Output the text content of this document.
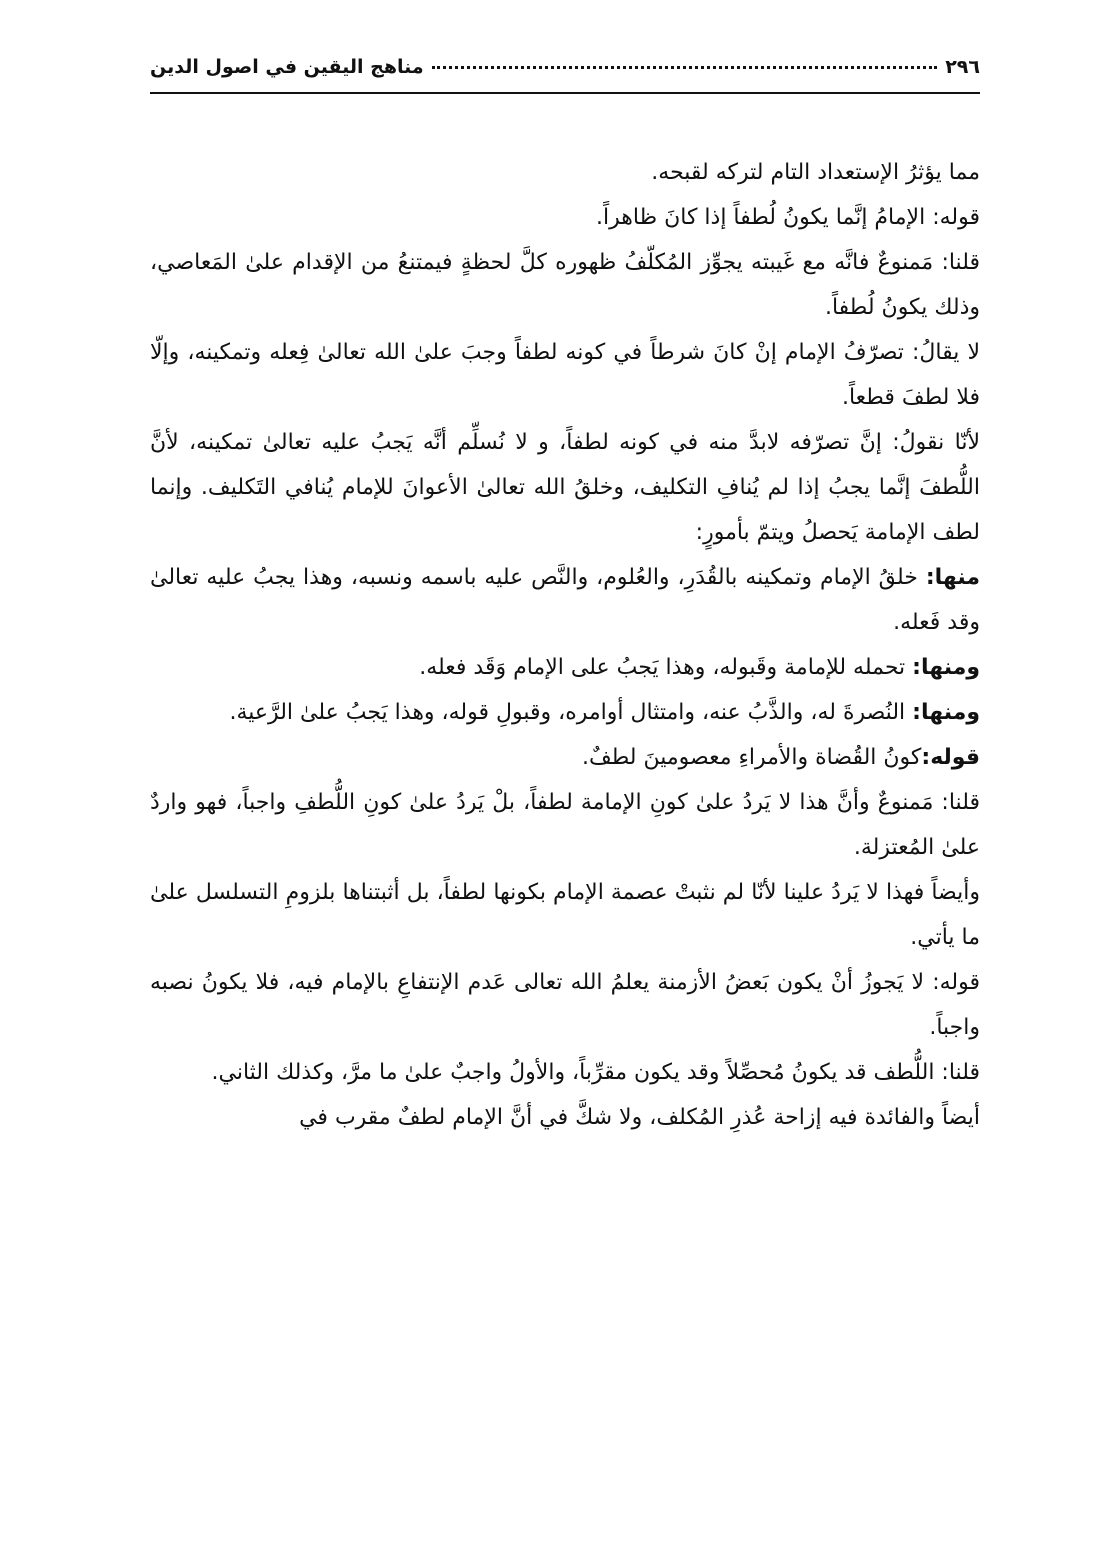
٢٩٦
مناهج اليقين في اصول الدين

مما يؤثرُ الإستعداد التام لتركه لقبحه.

قوله: الإمامُ إنَّما يكونُ لُطفاً إذا كانَ ظاهراً.

قلنا: مَمنوعٌ فانَّه مع غَيبته يجوِّز المُكلّفُ ظهوره كلَّ لحظةٍ فيمتنعُ من الإقدام علىٰ المَعاصي، وذلك يكونُ لُطفاً.

لا يقالُ: تصرّفُ الإمام إنْ كانَ شرطاً في كونه لطفاً وجبَ علىٰ الله تعالىٰ فِعله وتمكينه، وإلّا فلا لطفَ قطعاً.

لأنّا نقولُ: إنَّ تصرّفه لابدَّ منه في كونه لطفاً، و لا نُسلِّم أنَّه يَجبُ عليه تعالىٰ تمكينه، لأنَّ اللُّطفَ إنَّما يجبُ إذا لم يُنافِ التكليف، وخلقُ الله تعالىٰ الأعوانَ للإمام يُنافي التَكليف. وإنما لطف الإمامة يَحصلُ ويتمّ بأمورٍ:

منها: خلقُ الإمام وتمكينه بالقُدَرِ، والعُلوم، والنَّص عليه باسمه ونسبه، وهذا يجبُ عليه تعالىٰ وقد فَعله.

ومنها: تحمله للإمامة وقَبوله، وهذا يَجبُ على الإمام وَقَد فعله.

ومنها: النُصرةَ له، والذَّبُ عنه، وامتثال أوامره، وقبولِ قوله، وهذا يَجبُ علىٰ الرَّعية.

قوله:كونُ القُضاة والأمراءِ معصومينَ لطفٌ.

قلنا: مَمنوعٌ وأنَّ هذا لا يَردُ علىٰ كونِ الإمامة لطفاً، بلْ يَردُ علىٰ كونِ اللُّطفِ واجباً، فهو واردٌ علىٰ المُعتزلة.

وأيضاً فهذا لا يَردُ علينا لأنّا لم نثبتْ عصمة الإمام بكونها لطفاً، بل أثبتناها بلزومِ التسلسل علىٰ ما يأتي.

قوله: لا يَجوزُ أنْ يكون بَعضُ الأزمنة يعلمُ الله تعالى عَدم الإنتفاعِ بالإمام فيه، فلا يكونُ نصبه واجباً.

قلنا: اللُّطف قد يكونُ مُحصِّلاً وقد يكون مقرِّباً، والأولُ واجبٌ علىٰ ما مرَّ، وكذلك الثاني.

أيضاً والفائدة فيه إزاحة عُذرِ المُكلف، ولا شكَّ في أنَّ الإمام لطفٌ مقرب في
